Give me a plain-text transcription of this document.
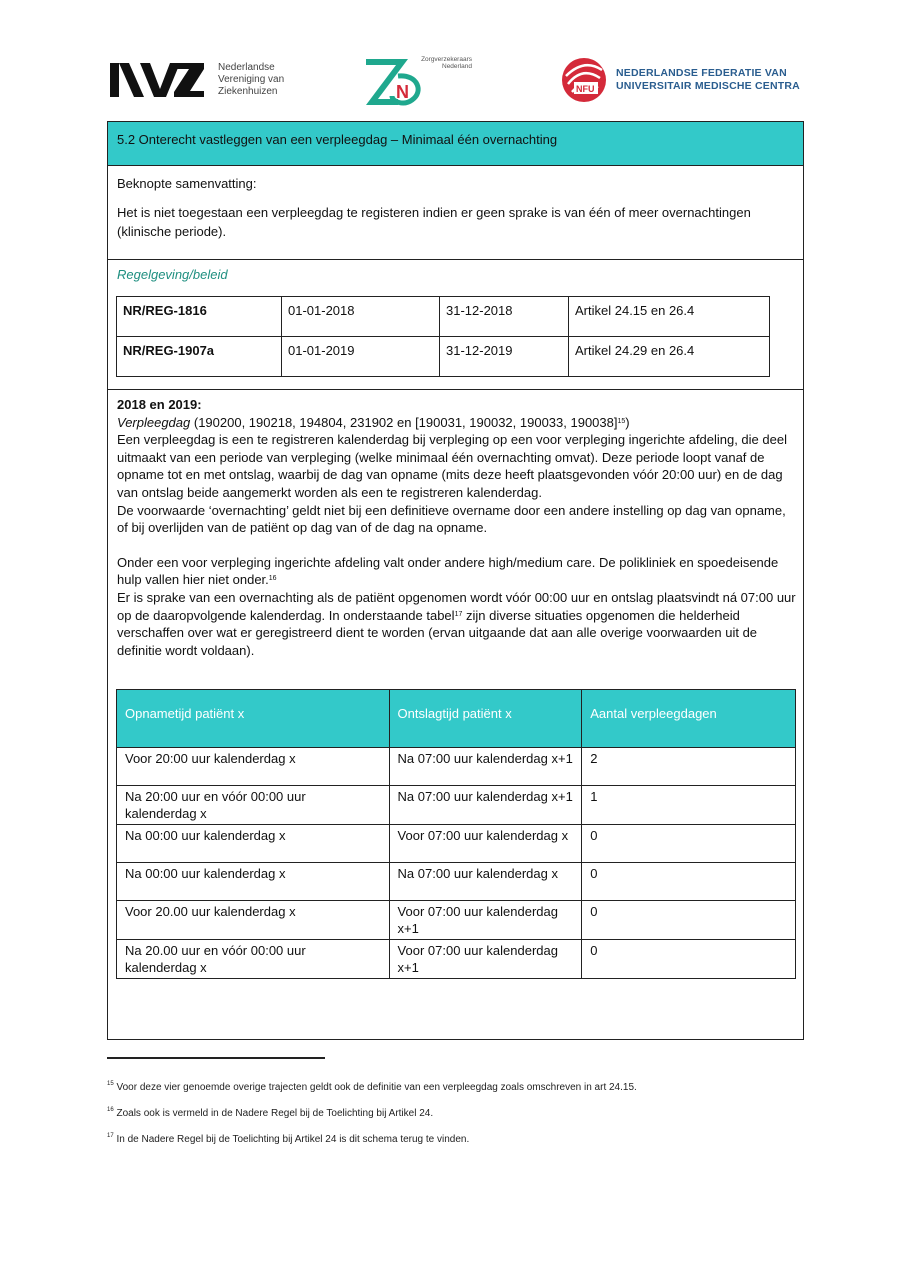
Nederlandse
Vereniging van
Ziekenhuizen	N
Zorgverzekeraars
Nederland
NFU
NEDERLANDSE FEDERATIE VAN
UNIVERSITAIR MEDISCHE CENTRA
5.2 Onterecht vastleggen van een verpleegdag – Minimaal één overnachting

Beknopte samenvatting:

Het is niet toegestaan een verpleegdag te registeren indien er geen sprake is van één of meer overnachtingen (klinische periode).

Regelgeving/beleid
NR/REG-1816	01-01-2018	31-12-2018	Artikel 24.15 en 26.4
NR/REG-1907a	01-01-2019	31-12-2019	Artikel 24.29 en 26.4

2018 en 2019:

Verpleegdag (190200, 190218, 194804, 231902 en [190031, 190032, 190033, 190038]$^{15}$)

Een verpleegdag is een te registreren kalenderdag bij verpleging op een voor verpleging ingerichte afdeling, die deel uitmaakt van een periode van verpleging (welke minimaal één overnachting omvat). Deze periode loopt vanaf de opname tot en met ontslag, waarbij de dag van opname (mits deze heeft plaatsgevonden vóór 20:00 uur) en de dag van ontslag beide aangemerkt worden als een te registreren kalenderdag.

De voorwaarde ‘overnachting’ geldt niet bij een definitieve overname door een andere instelling op dag van opname, of bij overlijden van de patiënt op dag van of de dag na opname.

Onder een voor verpleging ingerichte afdeling valt onder andere high/medium care. De polikliniek en spoedeisende hulp vallen hier niet onder.$^{16}$

Er is sprake van een overnachting als de patiënt opgenomen wordt vóór 00:00 uur en ontslag plaatsvindt ná 07:00 uur op de daaropvolgende kalenderdag. In onderstaande tabel$^{17}$ zijn diverse situaties opgenomen die helderheid verschaffen over wat er geregistreerd dient te worden (ervan uitgaande dat aan alle overige voorwaarden uit de definitie wordt voldaan).

Opnametijd patiënt x	Ontslagtijd patiënt x	Aantal verpleegdagen
Voor 20:00 uur kalenderdag x	Na 07:00 uur kalenderdag x+1	2
Na 20:00 uur en vóór 00:00 uur kalenderdag x	Na 07:00 uur kalenderdag x+1	1
Na 00:00 uur kalenderdag x	Voor 07:00 uur kalenderdag x	0
Na 00:00 uur kalenderdag x	Na 07:00 uur kalenderdag x	0
Voor 20.00 uur kalenderdag x	Voor 07:00 uur kalenderdag x+1	0
Na 20.00 uur en vóór 00:00 uur kalenderdag x	Voor 07:00 uur kalenderdag x+1	0

$^{15}$ Voor deze vier genoemde overige trajecten geldt ook de definitie van een verpleegdag zoals omschreven in art 24.15.

$^{16}$ Zoals ook is vermeld in de Nadere Regel bij de Toelichting bij Artikel 24.

$^{17}$ In de Nadere Regel bij de Toelichting bij Artikel 24 is dit schema terug te vinden.
